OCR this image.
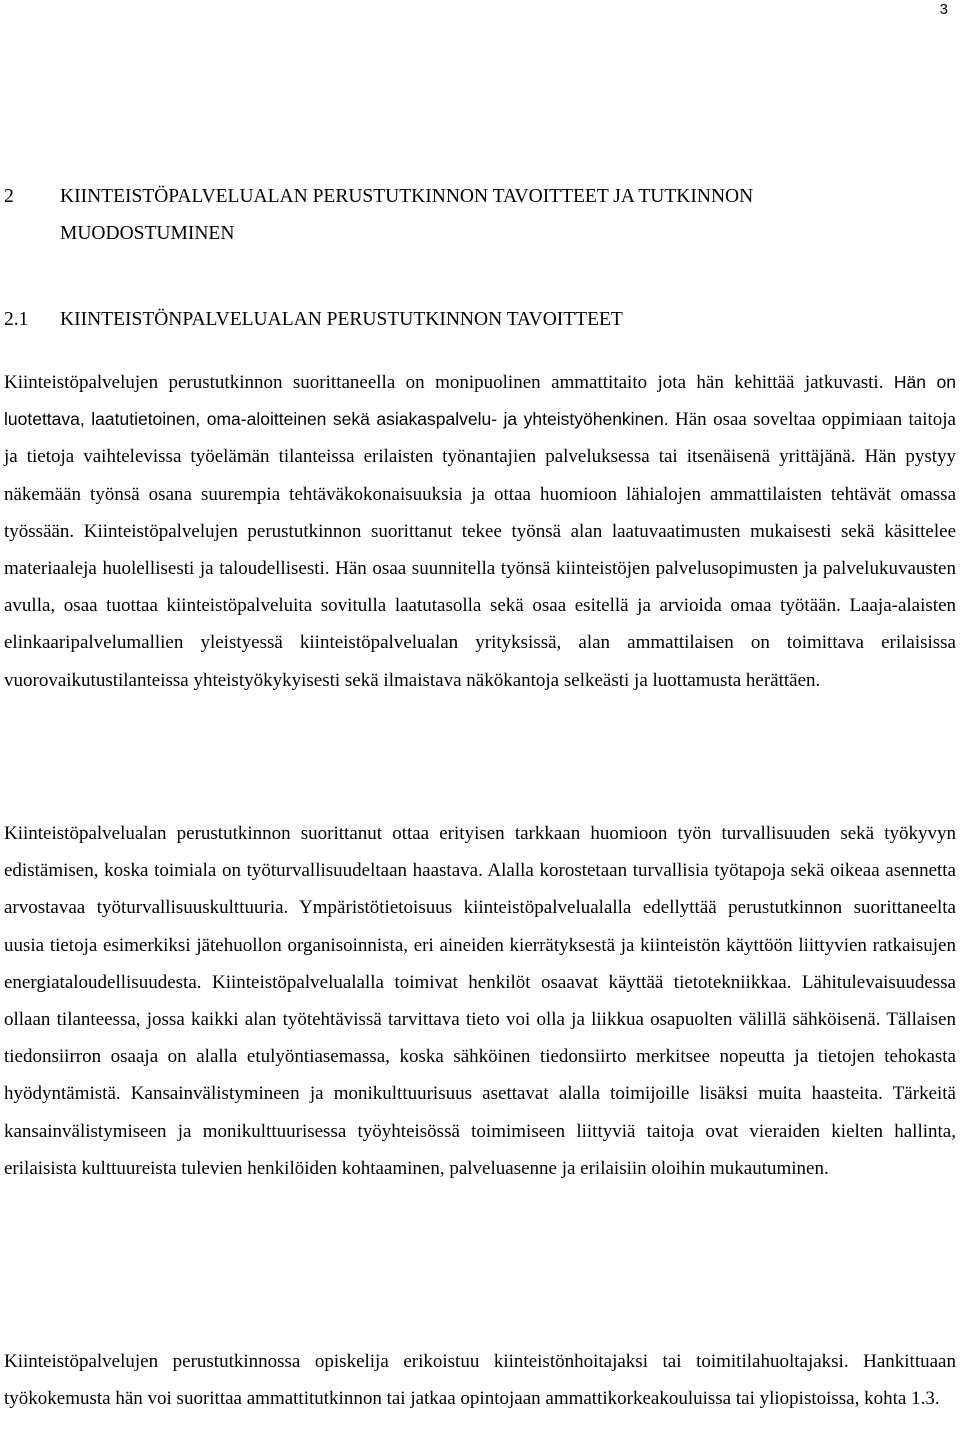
3
2 KIINTEISTÖPALVELUALAN PERUSTUTKINNON TAVOITTEET JA TUTKINNON
MUODOSTUMINEN
2.1 KIINTEISTÖNPALVELUALAN PERUSTUTKINNON TAVOITTEET

Kiinteistöpalvelujen perustutkinnon suorittaneella on monipuolinen ammattitaito jota hän kehittää jatkuvasti. Hän on luotettava, laatutietoinen, oma-aloitteinen sekä asiakaspalvelu- ja yhteistyöhenkinen. Hän osaa soveltaa oppimiaan taitoja ja tietoja vaihtelevissa työelämän tilanteissa erilaisten työnantajien palveluksessa tai itsenäisenä yrittäjänä. Hän pystyy näkemään työnsä osana suurempia tehtäväkokonaisuuksia ja ottaa huomioon lähialojen ammattilaisten tehtävät omassa työssään. Kiinteistöpalvelujen perustutkinnon suorittanut tekee työnsä alan laatuvaatimusten mukaisesti sekä käsittelee materiaaleja huolellisesti ja taloudellisesti. Hän osaa suunnitella työnsä kiinteistöjen palvelusopimusten ja palvelukuvausten avulla, osaa tuottaa kiinteistöpalveluita sovitulla laatutasolla sekä osaa esitellä ja arvioida omaa työtään. Laaja-alaisten elinkaaripalvelumallien yleistyessä kiinteistöpalvelualan yrityksissä, alan ammattilaisen on toimittava erilaisissa vuorovaikutustilanteissa yhteistyökykyisesti sekä ilmaistava näkökantoja selkeästi ja luottamusta herättäen.

Kiinteistöpalvelualan perustutkinnon suorittanut ottaa erityisen tarkkaan huomioon työn turvallisuuden sekä työkyvyn edistämisen, koska toimiala on työturvallisuudeltaan haastava. Alalla korostetaan turvallisia työtapoja sekä oikeaa asennetta arvostavaa työturvallisuuskulttuuria. Ympäristötietoisuus kiinteistöpalvelualalla edellyttää perustutkinnon suorittaneelta uusia tietoja esimerkiksi jätehuollon organisoinnista, eri aineiden kierrätyksestä ja kiinteistön käyttöön liittyvien ratkaisujen energiataloudellisuudesta. Kiinteistöpalvelualalla toimivat henkilöt osaavat käyttää tietotekniikkaa. Lähitulevaisuudessa ollaan tilanteessa, jossa kaikki alan työtehtävissä tarvittava tieto voi olla ja liikkua osapuolten välillä sähköisenä. Tällaisen tiedonsiirron osaaja on alalla etulyöntiasemassa, koska sähköinen tiedonsiirto merkitsee nopeutta ja tietojen tehokasta hyödyntämistä. Kansainvälistymineen ja monikulttuurisuus asettavat alalla toimijoille lisäksi muita haasteita. Tärkeitä kansainvälistymiseen ja monikulttuurisessa työyhteisössä toimimiseen liittyviä taitoja ovat vieraiden kielten hallinta, erilaisista kulttuureista tulevien henkilöiden kohtaaminen, palveluasenne ja erilaisiin oloihin mukautuminen.

Kiinteistöpalvelujen perustutkinnossa opiskelija erikoistuu kiinteistönhoitajaksi tai toimitilahuoltajaksi. Hankittuaan työkokemusta hän voi suorittaa ammattitutkinnon tai jatkaa opintojaan ammattikorkeakouluissa tai yliopistoissa, kohta 1.3.
